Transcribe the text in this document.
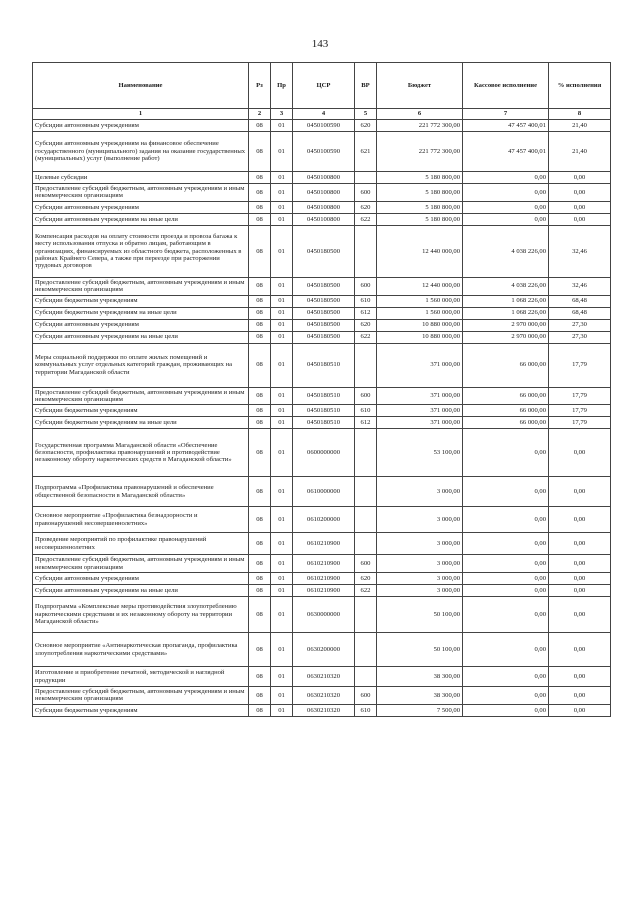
143
Наименование	Рз	Пр	ЦСР	ВР	Бюджет	Кассовое исполнение	% исполнения
1	2	3	4	5	6	7	8
Субсидии автономным учреждениям	08	01	0450100590	620	221 772 300,00	47 457 400,01	21,40
Субсидии автономным учреждениям на финансовое обеспечение государственного (муниципального) задания на оказание государственных (муниципальных) услуг (выполнение работ)	08	01	0450100590	621	221 772 300,00	47 457 400,01	21,40
Целевые субсидии	08	01	0450100800		5 180 800,00	0,00	0,00
Предоставление субсидий бюджетным, автономным учреждениям и иным некоммерческим организациям	08	01	0450100800	600	5 180 800,00	0,00	0,00
Субсидии автономным учреждениям	08	01	0450100800	620	5 180 800,00	0,00	0,00
Субсидии автономным учреждениям на иные цели	08	01	0450100800	622	5 180 800,00	0,00	0,00
Компенсация расходов на оплату стоимости проезда и провоза багажа к месту использования отпуска и обратно лицам, работающим в организациях, финансируемых из областного бюджета, расположенных в районах Крайнего Севера, а также при переезде при расторжении трудовых договоров	08	01	0450180500		12 440 000,00	4 038 226,00	32,46
Предоставление субсидий бюджетным, автономным учреждениям и иным некоммерческим организациям	08	01	0450180500	600	12 440 000,00	4 038 226,00	32,46
Субсидии бюджетным учреждениям	08	01	0450180500	610	1 560 000,00	1 068 226,00	68,48
Субсидии бюджетным учреждениям на иные цели	08	01	0450180500	612	1 560 000,00	1 068 226,00	68,48
Субсидии автономным учреждениям	08	01	0450180500	620	10 880 000,00	2 970 000,00	27,30
Субсидии автономным учреждениям на иные цели	08	01	0450180500	622	10 880 000,00	2 970 000,00	27,30
Меры социальной поддержки по оплате жилых помещений и коммунальных услуг отдельных категорий граждан, проживающих на территории Магаданской области	08	01	0450180510		371 000,00	66 000,00	17,79
Предоставление субсидий бюджетным, автономным учреждениям и иным некоммерческим организациям	08	01	0450180510	600	371 000,00	66 000,00	17,79
Субсидии бюджетным учреждениям	08	01	0450180510	610	371 000,00	66 000,00	17,79
Субсидии бюджетным учреждениям на иные цели	08	01	0450180510	612	371 000,00	66 000,00	17,79
Государственная программа Магаданской области «Обеспечение безопасности, профилактика правонарушений и противодействие незаконному обороту наркотических средств в Магаданской области»	08	01	0600000000		53 100,00	0,00	0,00
Подпрограмма «Профилактика правонарушений и обеспечение общественной безопасности в Магаданской области»	08	01	0610000000		3 000,00	0,00	0,00
Основное мероприятие «Профилактика безнадзорности и правонарушений несовершеннолетних»	08	01	0610200000		3 000,00	0,00	0,00
Проведение мероприятий по профилактике правонарушений несовершеннолетних	08	01	0610210900		3 000,00	0,00	0,00
Предоставление субсидий бюджетным, автономным учреждениям и иным некоммерческим организациям	08	01	0610210900	600	3 000,00	0,00	0,00
Субсидии автономным учреждениям	08	01	0610210900	620	3 000,00	0,00	0,00
Субсидии автономным учреждениям на иные цели	08	01	0610210900	622	3 000,00	0,00	0,00
Подпрограмма «Комплексные меры противодействия злоупотреблению наркотическими средствами и их незаконному обороту на территории Магаданской области»	08	01	0630000000		50 100,00	0,00	0,00
Основное мероприятие «Антинаркотическая пропаганда, профилактика злоупотребления наркотическими средствами»	08	01	0630200000		50 100,00	0,00	0,00
Изготовление и приобретение печатной, методической и наглядной продукции	08	01	0630210320		38 300,00	0,00	0,00
Предоставление субсидий бюджетным, автономным учреждениям и иным некоммерческим организациям	08	01	0630210320	600	38 300,00	0,00	0,00
Субсидии бюджетным учреждениям	08	01	0630210320	610	7 500,00	0,00	0,00
